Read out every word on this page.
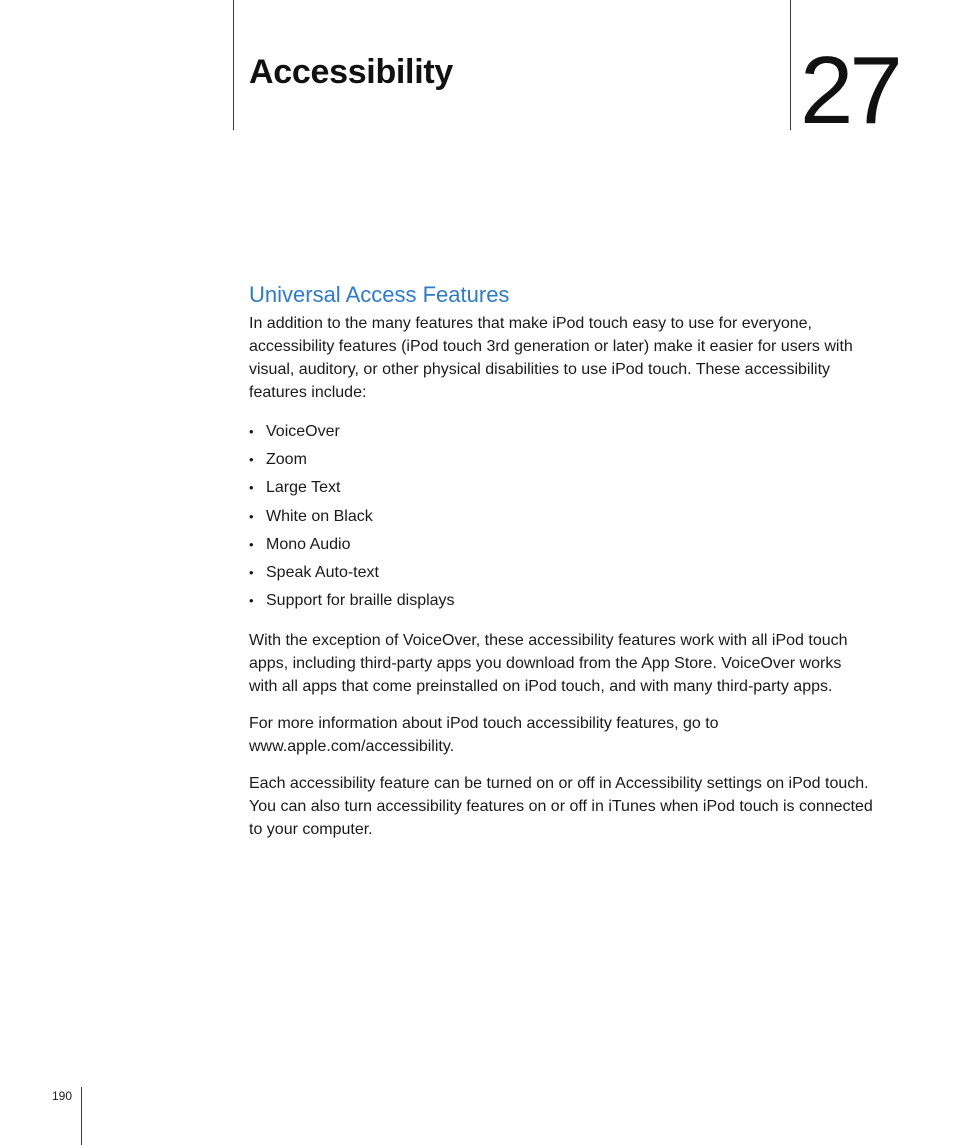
Accessibility	27
Universal Access Features

In addition to the many features that make iPod touch easy to use for everyone, accessibility features (iPod touch 3rd generation or later) make it easier for users with visual, auditory, or other physical disabilities to use iPod touch. These accessibility features include:

• VoiceOver
• Zoom
• Large Text
• White on Black
• Mono Audio
• Speak Auto-text
• Support for braille displays

With the exception of VoiceOver, these accessibility features work with all iPod touch apps, including third-party apps you download from the App Store. VoiceOver works with all apps that come preinstalled on iPod touch, and with many third-party apps.

For more information about iPod touch accessibility features, go to www.apple.com/accessibility.

Each accessibility feature can be turned on or off in Accessibility settings on iPod touch. You can also turn accessibility features on or off in iTunes when iPod touch is connected to your computer.

190
